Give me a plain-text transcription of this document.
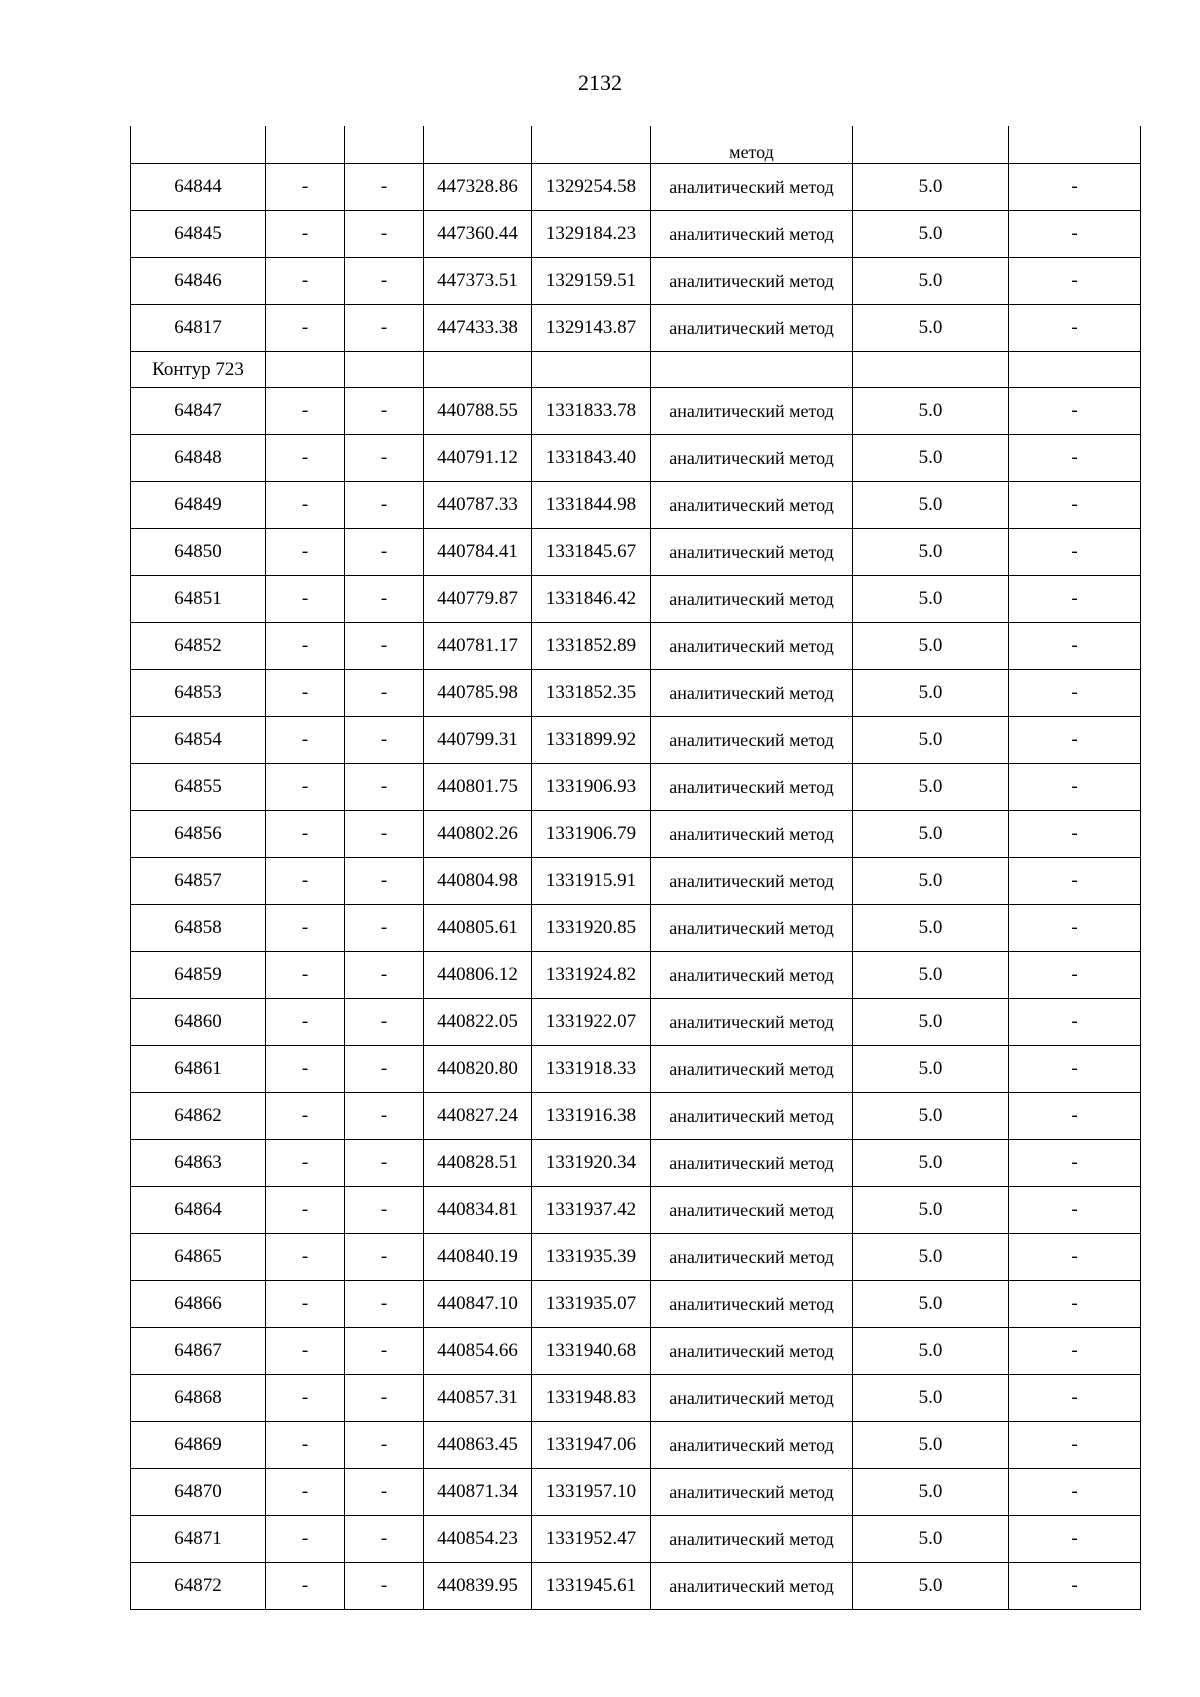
2132

					метод		

64844	-	-	447328.86	1329254.58	аналитический метод	5.0	-
64845	-	-	447360.44	1329184.23	аналитический метод	5.0	-
64846	-	-	447373.51	1329159.51	аналитический метод	5.0	-
64817	-	-	447433.38	1329143.87	аналитический метод	5.0	-
Контур 723							
64847	-	-	440788.55	1331833.78	аналитический метод	5.0	-
64848	-	-	440791.12	1331843.40	аналитический метод	5.0	-
64849	-	-	440787.33	1331844.98	аналитический метод	5.0	-
64850	-	-	440784.41	1331845.67	аналитический метод	5.0	-
64851	-	-	440779.87	1331846.42	аналитический метод	5.0	-
64852	-	-	440781.17	1331852.89	аналитический метод	5.0	-
64853	-	-	440785.98	1331852.35	аналитический метод	5.0	-
64854	-	-	440799.31	1331899.92	аналитический метод	5.0	-
64855	-	-	440801.75	1331906.93	аналитический метод	5.0	-
64856	-	-	440802.26	1331906.79	аналитический метод	5.0	-
64857	-	-	440804.98	1331915.91	аналитический метод	5.0	-
64858	-	-	440805.61	1331920.85	аналитический метод	5.0	-
64859	-	-	440806.12	1331924.82	аналитический метод	5.0	-
64860	-	-	440822.05	1331922.07	аналитический метод	5.0	-
64861	-	-	440820.80	1331918.33	аналитический метод	5.0	-
64862	-	-	440827.24	1331916.38	аналитический метод	5.0	-
64863	-	-	440828.51	1331920.34	аналитический метод	5.0	-
64864	-	-	440834.81	1331937.42	аналитический метод	5.0	-
64865	-	-	440840.19	1331935.39	аналитический метод	5.0	-
64866	-	-	440847.10	1331935.07	аналитический метод	5.0	-
64867	-	-	440854.66	1331940.68	аналитический метод	5.0	-
64868	-	-	440857.31	1331948.83	аналитический метод	5.0	-
64869	-	-	440863.45	1331947.06	аналитический метод	5.0	-
64870	-	-	440871.34	1331957.10	аналитический метод	5.0	-
64871	-	-	440854.23	1331952.47	аналитический метод	5.0	-
64872	-	-	440839.95	1331945.61	аналитический метод	5.0	-
